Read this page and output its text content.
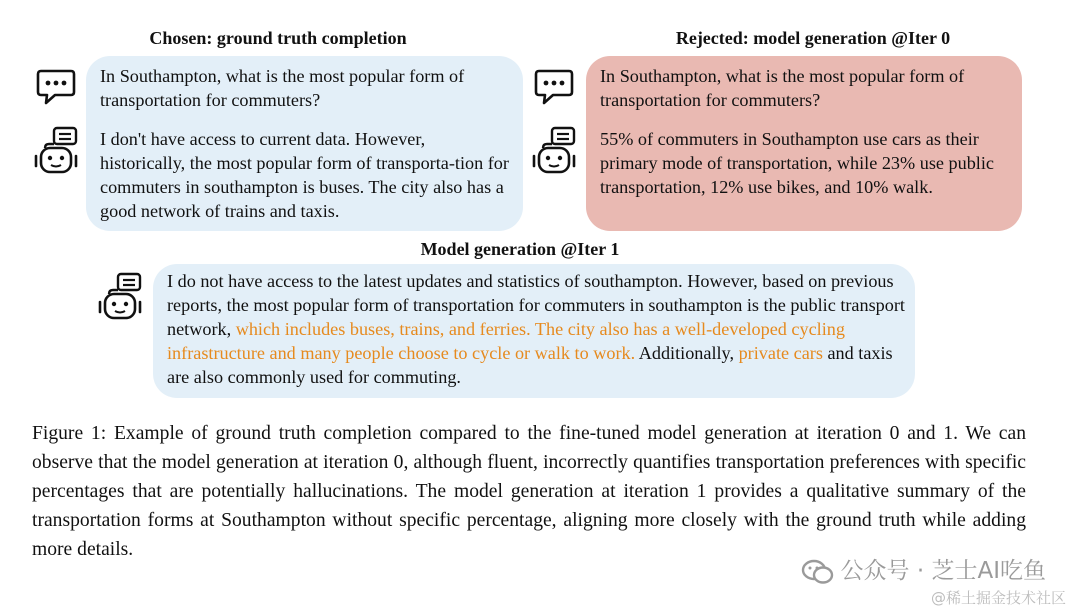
Chosen: ground truth completion

In Southampton, what is the most popular form of transportation for commuters?

I don't have access to current data. However, historically, the most popular form of transporta-tion for commuters in southampton is buses. The city also has a good network of trains and taxis.

Rejected: model generation @Iter 0

In Southampton, what is the most popular form of transportation for commuters?

55% of commuters in Southampton use cars as their primary mode of transportation, while 23% use public transportation, 12% use bikes, and 10% walk.

Model generation @Iter 1

I do not have access to the latest updates and statistics of southampton. However, based on previous reports, the most popular form of transportation for commuters in southampton is the public transport network, which includes buses, trains, and ferries. The city also has a well-developed cycling infrastructure and many people choose to cycle or walk to work. Additionally, private cars and taxis are also commonly used for commuting.

Figure 1: Example of ground truth completion compared to the fine-tuned model generation at iteration 0 and 1. We can observe that the model generation at iteration 0, although fluent, incorrectly quantifies transportation preferences with specific percentages that are potentially hallucinations. The model generation at iteration 1 provides a qualitative summary of the transportation forms at Southampton without specific percentage, aligning more closely with the ground truth while adding more details.
公众号 · 芝士AI吃鱼
@稀土掘金技术社区
